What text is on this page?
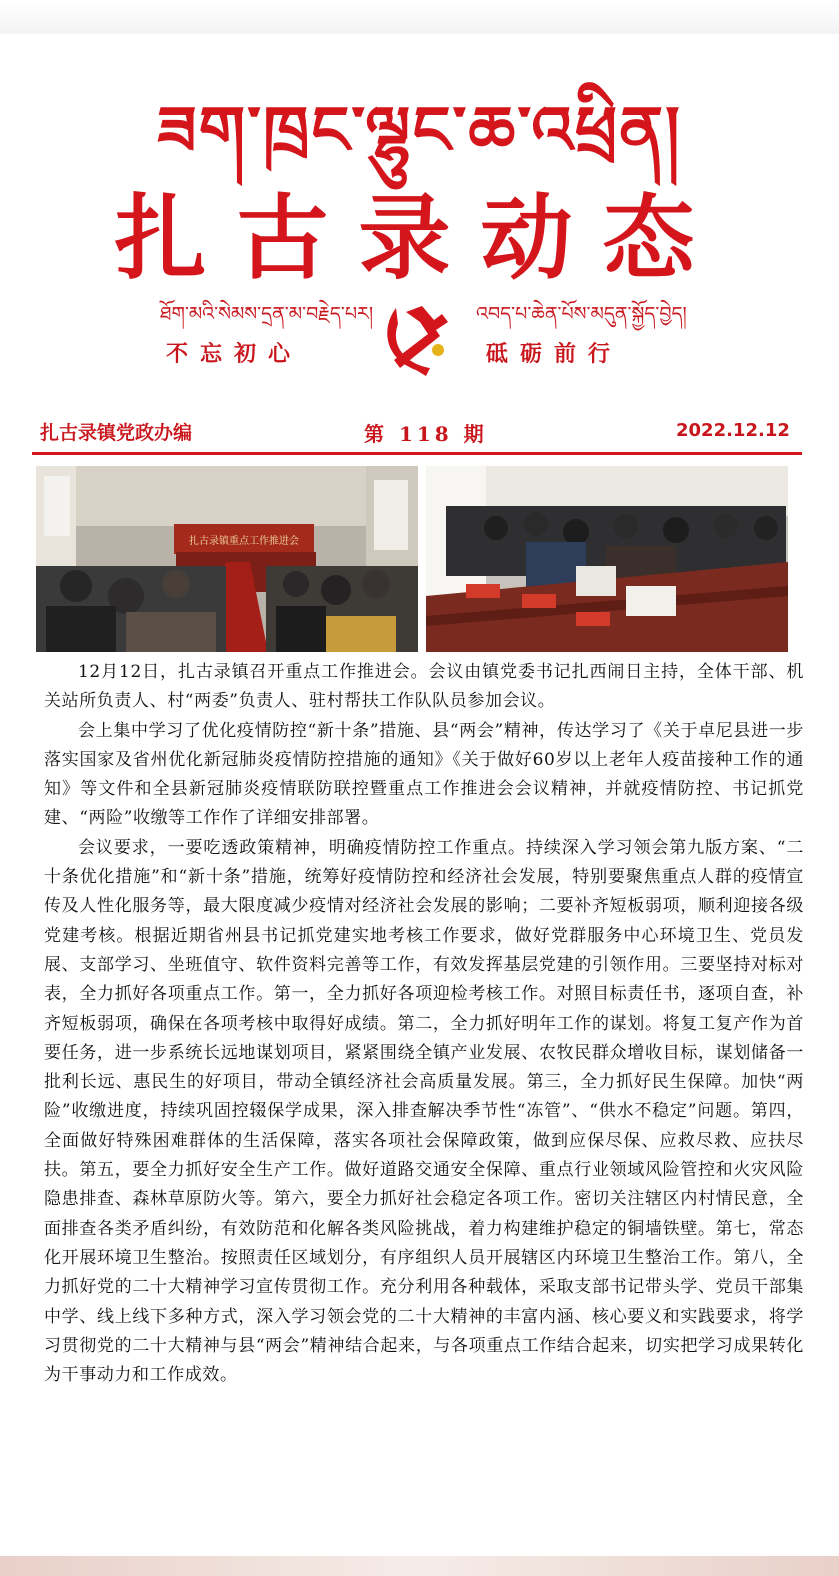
ཟག་ཁྲང་ལྷུང་ཆ་འཕྲིན།
扎古录动态
ཐོག་མའི་སེམས་དྲན་མ་བརྗེད་པར།	འབད་པ་ཆེན་པོས་མདུན་སྐྱོད་བྱེད།
不忘初心	砥砺前行
扎古录镇党政办编	第 118 期	2022.12.12
扎古录镇重点工作推进会

12月12日，扎古录镇召开重点工作推进会。会议由镇党委书记扎西闹日主持，全体干部、机关站所负责人、村“两委”负责人、驻村帮扶工作队队员参加会议。

会上集中学习了优化疫情防控“新十条”措施、县“两会”精神，传达学习了《关于卓尼县进一步落实国家及省州优化新冠肺炎疫情防控措施的通知》《关于做好60岁以上老年人疫苗接种工作的通知》等文件和全县新冠肺炎疫情联防联控暨重点工作推进会会议精神，并就疫情防控、书记抓党建、“两险”收缴等工作作了详细安排部署。

会议要求，一要吃透政策精神，明确疫情防控工作重点。持续深入学习领会第九版方案、“二十条优化措施”和“新十条”措施，统筹好疫情防控和经济社会发展，特别要聚焦重点人群的疫情宣传及人性化服务等，最大限度减少疫情对经济社会发展的影响；二要补齐短板弱项，顺利迎接各级党建考核。根据近期省州县书记抓党建实地考核工作要求，做好党群服务中心环境卫生、党员发展、支部学习、坐班值守、软件资料完善等工作，有效发挥基层党建的引领作用。三要坚持对标对表，全力抓好各项重点工作。第一，全力抓好各项迎检考核工作。对照目标责任书，逐项自查，补齐短板弱项，确保在各项考核中取得好成绩。第二，全力抓好明年工作的谋划。将复工复产作为首要任务，进一步系统长远地谋划项目，紧紧围绕全镇产业发展、农牧民群众增收目标，谋划储备一批利长远、惠民生的好项目，带动全镇经济社会高质量发展。第三，全力抓好民生保障。加快“两险”收缴进度，持续巩固控辍保学成果，深入排查解决季节性“冻管”、“供水不稳定”问题。第四，全面做好特殊困难群体的生活保障，落实各项社会保障政策，做到应保尽保、应救尽救、应扶尽扶。第五，要全力抓好安全生产工作。做好道路交通安全保障、重点行业领域风险管控和火灾风险隐患排查、森林草原防火等。第六，要全力抓好社会稳定各项工作。密切关注辖区内村情民意，全面排查各类矛盾纠纷，有效防范和化解各类风险挑战，着力构建维护稳定的铜墙铁壁。第七，常态化开展环境卫生整治。按照责任区域划分，有序组织人员开展辖区内环境卫生整治工作。第八，全力抓好党的二十大精神学习宣传贯彻工作。充分利用各种载体，采取支部书记带头学、党员干部集中学、线上线下多种方式，深入学习领会党的二十大精神的丰富内涵、核心要义和实践要求，将学习贯彻党的二十大精神与县“两会”精神结合起来，与各项重点工作结合起来，切实把学习成果转化为干事动力和工作成效。
